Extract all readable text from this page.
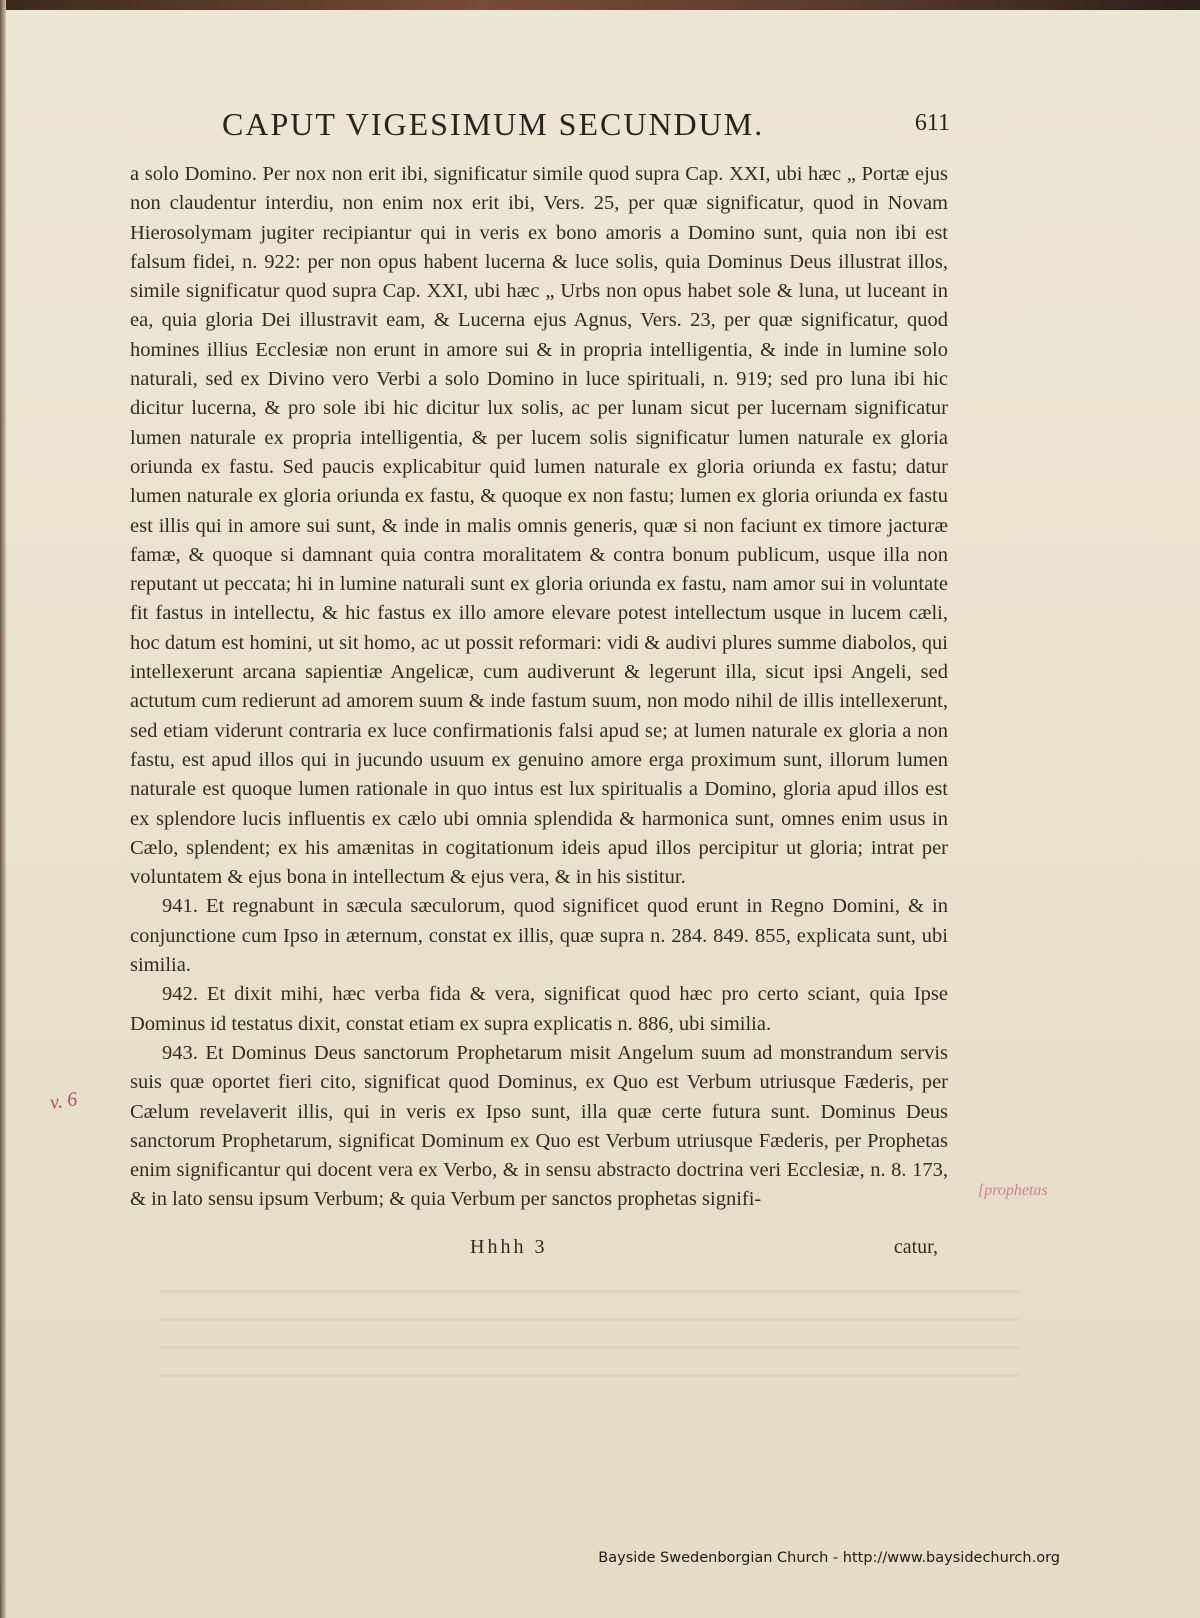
CAPUT VIGESIMUM SECUNDUM.	611

a solo Domino. Per nox non erit ibi, significatur simile quod supra Cap. XXI, ubi hæc „ Portæ ejus non claudentur interdiu, non enim nox erit ibi, Vers. 25, per quæ significatur, quod in Novam Hierosolymam jugiter recipiantur qui in veris ex bono amoris a Domino sunt, quia non ibi est falsum fidei, n. 922: per non opus habent lucerna & luce solis, quia Dominus Deus illustrat illos, simile significatur quod supra Cap. XXI, ubi hæc „ Urbs non opus habet sole & luna, ut luceant in ea, quia gloria Dei illustravit eam, & Lucerna ejus Agnus, Vers. 23, per quæ significatur, quod homines illius Ecclesiæ non erunt in amore sui & in propria intelligentia, & inde in lumine solo naturali, sed ex Divino vero Verbi a solo Domino in luce spirituali, n. 919; sed pro luna ibi hic dicitur lucerna, & pro sole ibi hic dicitur lux solis, ac per lunam sicut per lucernam significatur lumen naturale ex propria intelligentia, & per lucem solis significatur lumen naturale ex gloria oriunda ex fastu. Sed paucis explicabitur quid lumen naturale ex gloria oriunda ex fastu; datur lumen naturale ex gloria oriunda ex fastu, & quoque ex non fastu; lumen ex gloria oriunda ex fastu est illis qui in amore sui sunt, & inde in malis omnis generis, quæ si non faciunt ex timore jacturæ famæ, & quoque si damnant quia contra moralitatem & contra bonum publicum, usque illa non reputant ut peccata; hi in lumine naturali sunt ex gloria oriunda ex fastu, nam amor sui in voluntate fit fastus in intellectu, & hic fastus ex illo amore elevare potest intellectum usque in lucem cæli, hoc datum est homini, ut sit homo, ac ut possit reformari: vidi & audivi plures summe diabolos, qui intellexerunt arcana sapientiæ Angelicæ, cum audiverunt & legerunt illa, sicut ipsi Angeli, sed actutum cum redierunt ad amorem suum & inde fastum suum, non modo nihil de illis intellexerunt, sed etiam viderunt contraria ex luce confirmationis falsi apud se; at lumen naturale ex gloria a non fastu, est apud illos qui in jucundo usuum ex genuino amore erga proximum sunt, illorum lumen naturale est quoque lumen rationale in quo intus est lux spiritualis a Domino, gloria apud illos est ex splendore lucis influentis ex cælo ubi omnia splendida & harmonica sunt, omnes enim usus in Cælo, splendent; ex his amænitas in cogitationum ideis apud illos percipitur ut gloria; intrat per voluntatem & ejus bona in intellectum & ejus vera, & in his sistitur.

941. Et regnabunt in sæcula sæculorum, quod significet quod erunt in Regno Domini, & in conjunctione cum Ipso in æternum, constat ex illis, quæ supra n. 284. 849. 855, explicata sunt, ubi similia.

942. Et dixit mihi, hæc verba fida & vera, significat quod hæc pro certo sciant, quia Ipse Dominus id testatus dixit, constat etiam ex supra explicatis n. 886, ubi similia.

943. Et Dominus Deus sanctorum Prophetarum misit Angelum suum ad monstrandum servis suis quæ oportet fieri cito, significat quod Dominus, ex Quo est Verbum utriusque Fæderis, per Cælum revelaverit illis, qui in veris ex Ipso sunt, illa quæ certe futura sunt. Dominus Deus sanctorum Prophetarum, significat Dominum ex Quo est Verbum utriusque Fæderis, per Prophetas enim significantur qui docent vera ex Verbo, & in sensu abstracto doctrina veri Ecclesiæ, n. 8. 173, & in lato sensu ipsum Verbum; & quia Verbum per sanctos prophetas signifi-

Hhhh 3	catur,
v. 6
[prophetas
Bayside Swedenborgian Church - http://www.baysidechurch.org
